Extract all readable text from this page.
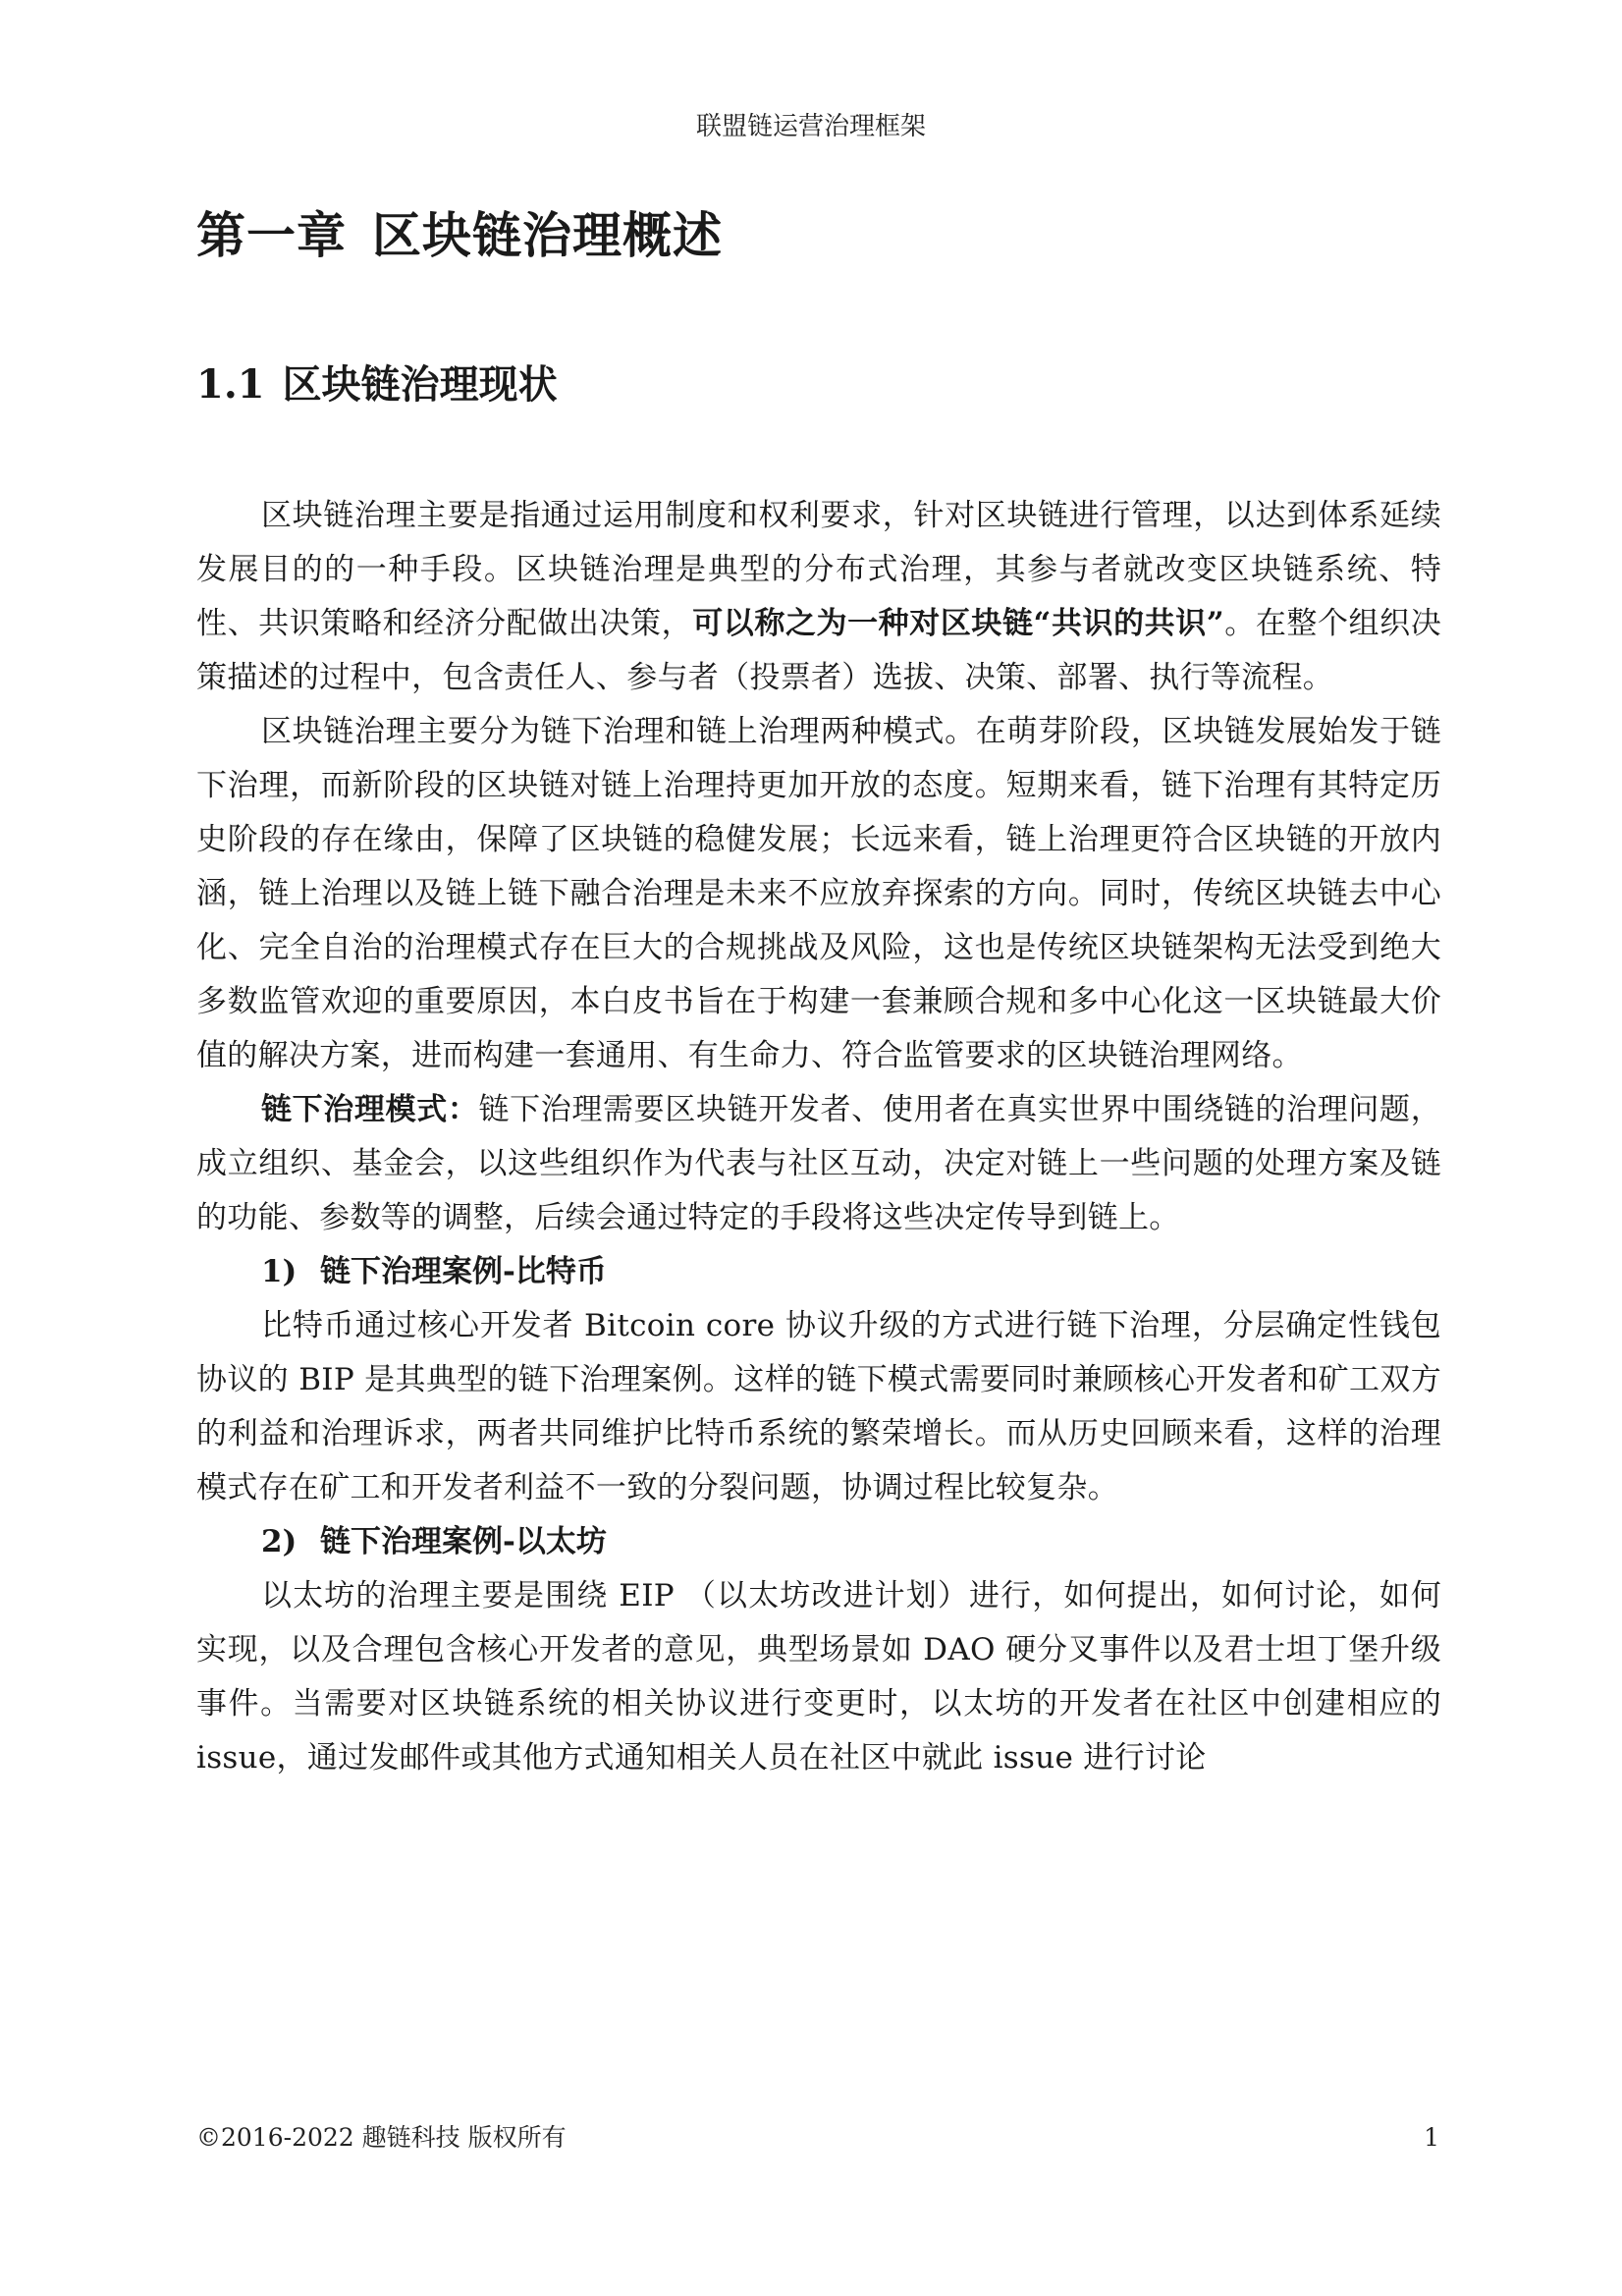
联盟链运营治理框架
第一章 区块链治理概述
1.1 区块链治理现状

区块链治理主要是指通过运用制度和权利要求，针对区块链进行管理，以达到体系延续发展目的的一种手段。区块链治理是典型的分布式治理，其参与者就改变区块链系统、特性、共识策略和经济分配做出决策，可以称之为一种对区块链“共识的共识”。在整个组织决策描述的过程中，包含责任人、参与者（投票者）选拔、决策、部署、执行等流程。

区块链治理主要分为链下治理和链上治理两种模式。在萌芽阶段，区块链发展始发于链下治理，而新阶段的区块链对链上治理持更加开放的态度。短期来看，链下治理有其特定历史阶段的存在缘由，保障了区块链的稳健发展；长远来看，链上治理更符合区块链的开放内涵，链上治理以及链上链下融合治理是未来不应放弃探索的方向。同时，传统区块链去中心化、完全自治的治理模式存在巨大的合规挑战及风险，这也是传统区块链架构无法受到绝大多数监管欢迎的重要原因，本白皮书旨在于构建一套兼顾合规和多中心化这一区块链最大价值的解决方案，进而构建一套通用、有生命力、符合监管要求的区块链治理网络。

链下治理模式：链下治理需要区块链开发者、使用者在真实世界中围绕链的治理问题，成立组织、基金会，以这些组织作为代表与社区互动，决定对链上一些问题的处理方案及链的功能、参数等的调整，后续会通过特定的手段将这些决定传导到链上。

1) 链下治理案例-比特币

比特币通过核心开发者 Bitcoin core 协议升级的方式进行链下治理，分层确定性钱包协议的 BIP 是其典型的链下治理案例。这样的链下模式需要同时兼顾核心开发者和矿工双方的利益和治理诉求，两者共同维护比特币系统的繁荣增长。而从历史回顾来看，这样的治理模式存在矿工和开发者利益不一致的分裂问题，协调过程比较复杂。

2) 链下治理案例-以太坊

以太坊的治理主要是围绕 EIP （以太坊改进计划）进行，如何提出，如何讨论，如何实现，以及合理包含核心开发者的意见，典型场景如 DAO 硬分叉事件以及君士坦丁堡升级事件。当需要对区块链系统的相关协议进行变更时，以太坊的开发者在社区中创建相应的 issue，通过发邮件或其他方式通知相关人员在社区中就此 issue 进行讨论

©2016-2022 趣链科技 版权所有	1
